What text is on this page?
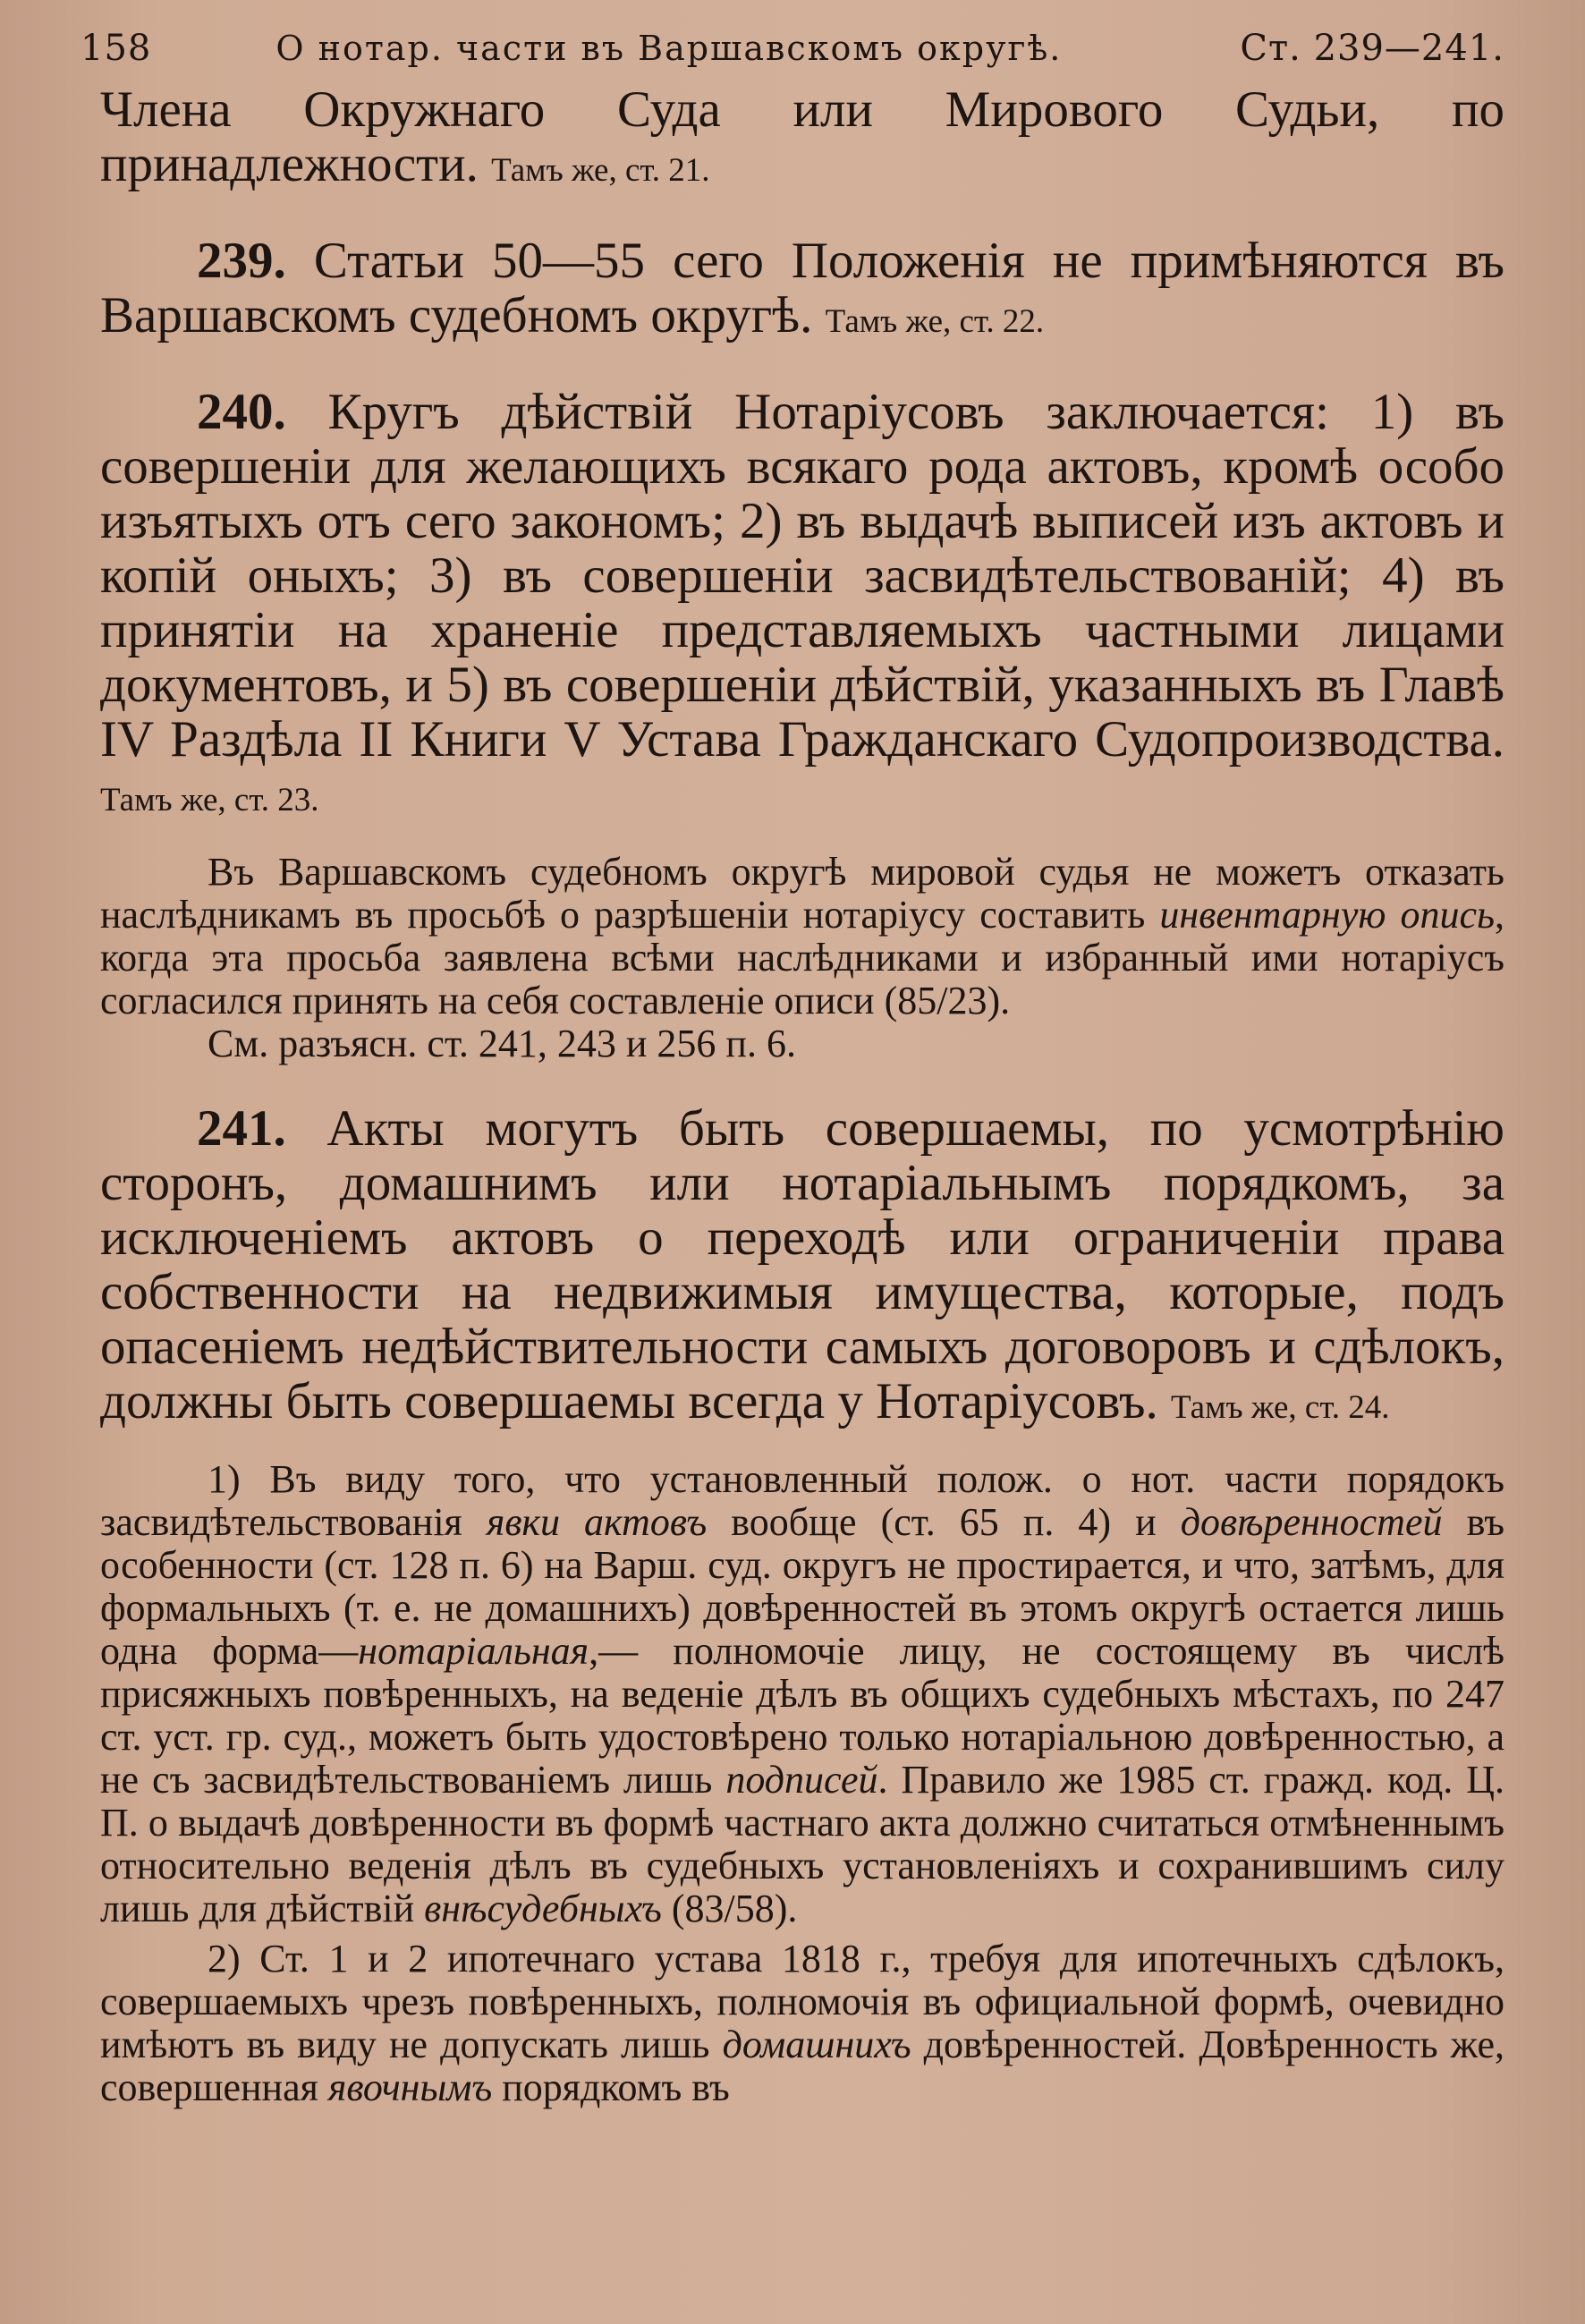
158	О нотар. части въ Варшавскомъ округѣ.	Ст. 239—241.

Члена Окружнаго Суда или Мирового Судьи, по принадлежности. Тамъ же, ст. 21.

239. Статьи 50—55 сего Положенія не примѣняются въ Варшавскомъ судебномъ округѣ. Тамъ же, ст. 22.

240. Кругъ дѣйствій Нотаріусовъ заключается: 1) въ совершеніи для желающихъ всякаго рода актовъ, кромѣ особо изъятыхъ отъ сего закономъ; 2) въ выдачѣ выписей изъ актовъ и копій оныхъ; 3) въ совершеніи засвидѣтельствованій; 4) въ принятіи на храненіе представляемыхъ частными лицами документовъ, и 5) въ совершеніи дѣйствій, указанныхъ въ Главѣ IV Раздѣла II Книги V Устава Гражданскаго Судопроизводства. Тамъ же, ст. 23.

Въ Варшавскомъ судебномъ округѣ мировой судья не можетъ отказать наслѣдникамъ въ просьбѣ о разрѣшеніи нотаріусу составить инвентарную опись, когда эта просьба заявлена всѣми наслѣдниками и избранный ими нотаріусъ согласился принять на себя составленіе описи (85/23).

См. разъясн. ст. 241, 243 и 256 п. 6.

241. Акты могутъ быть совершаемы, по усмотрѣнію сторонъ, домашнимъ или нотаріальнымъ порядкомъ, за исключеніемъ актовъ о переходѣ или ограниченіи права собственности на недвижимыя имущества, которые, подъ опасеніемъ недѣйствительности самыхъ договоровъ и сдѣлокъ, должны быть совершаемы всегда у Нотаріусовъ. Тамъ же, ст. 24.

1) Въ виду того, что установленный полож. о нот. части порядокъ засвидѣтельствованія явки актовъ вообще (ст. 65 п. 4) и довѣренностей въ особенности (ст. 128 п. 6) на Варш. суд. округъ не простирается, и что, затѣмъ, для формальныхъ (т. е. не домашнихъ) довѣренностей въ этомъ округѣ остается лишь одна форма—нотаріальная,— полномочіе лицу, не состоящему въ числѣ присяжныхъ повѣренныхъ, на веденіе дѣлъ въ общихъ судебныхъ мѣстахъ, по 247 ст. уст. гр. суд., можетъ быть удостовѣрено только нотаріальною довѣренностью, а не съ засвидѣтельствованіемъ лишь подписей. Правило же 1985 ст. гражд. код. Ц. П. о выдачѣ довѣренности въ формѣ частнаго акта должно считаться отмѣненнымъ относительно веденія дѣлъ въ судебныхъ установленіяхъ и сохранившимъ силу лишь для дѣйствій внѣсудебныхъ (83/58).

2) Ст. 1 и 2 ипотечнаго устава 1818 г., требуя для ипотечныхъ сдѣлокъ, совершаемыхъ чрезъ повѣренныхъ, полномочія въ официальной формѣ, очевидно имѣютъ въ виду не допускать лишь домашнихъ довѣренностей. Довѣренность же, совершенная явочнымъ порядкомъ въ
